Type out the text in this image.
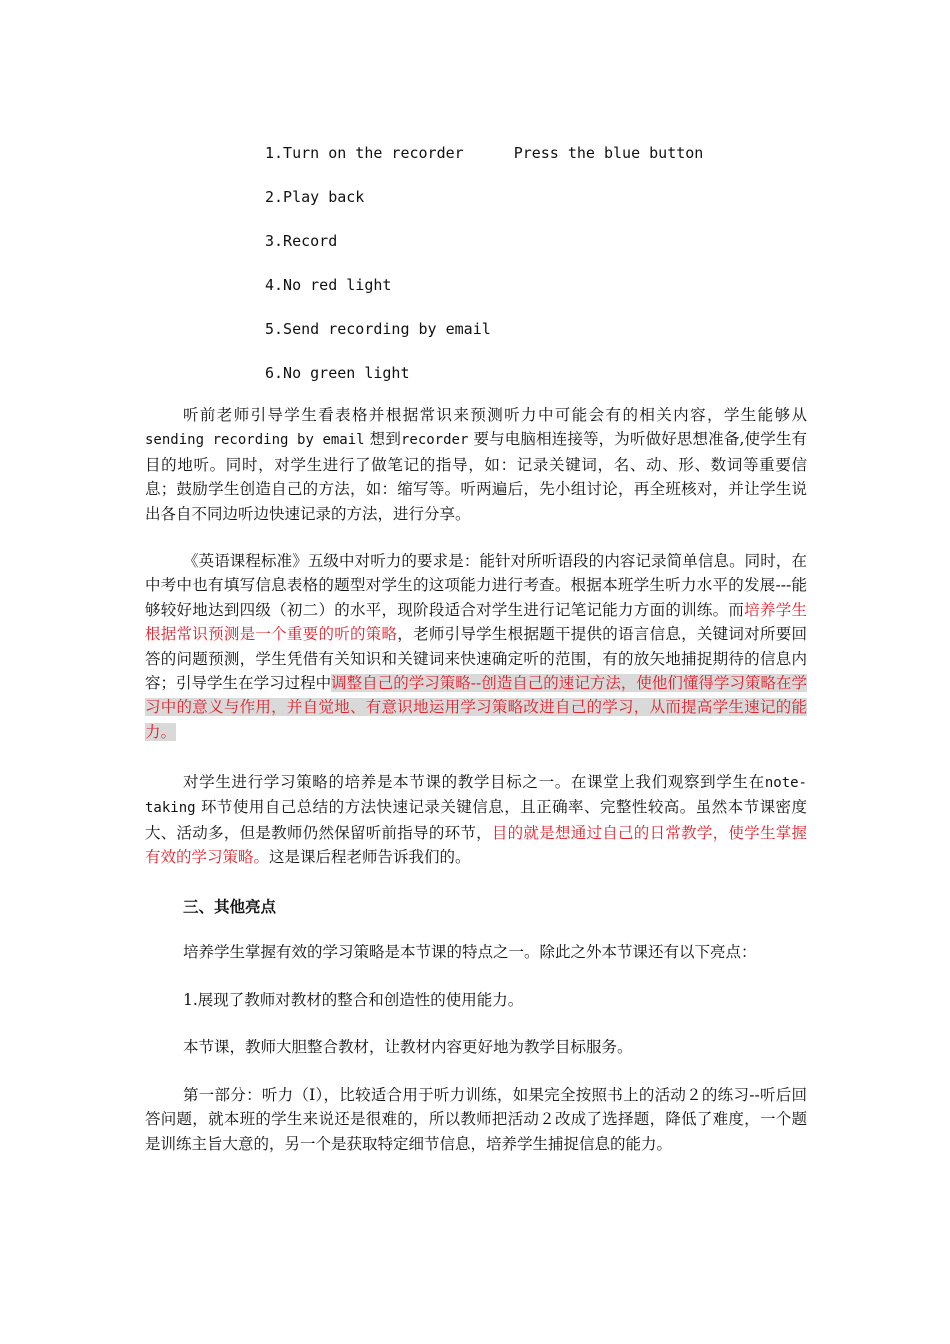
1.Turn on the recorder	Press the blue button
2.Play back
3.Record
4.No red light
5.Send recording by email
6.No green light

听前老师引导学生看表格并根据常识来预测听力中可能会有的相关内容，学生能够从sending recording by email 想到recorder 要与电脑相连接等，为听做好思想准备,使学生有目的地听。同时，对学生进行了做笔记的指导，如：记录关键词，名、动、形、数词等重要信息；鼓励学生创造自己的方法，如：缩写等。听两遍后，先小组讨论，再全班核对，并让学生说出各自不同边听边快速记录的方法，进行分享。

《英语课程标准》五级中对听力的要求是：能针对所听语段的内容记录简单信息。同时，在中考中也有填写信息表格的题型对学生的这项能力进行考查。根据本班学生听力水平的发展---能够较好地达到四级（初二）的水平，现阶段适合对学生进行记笔记能力方面的训练。而培养学生根据常识预测是一个重要的听的策略，老师引导学生根据题干提供的语言信息，关键词对所要回答的问题预测，学生凭借有关知识和关键词来快速确定听的范围，有的放矢地捕捉期待的信息内容；引导学生在学习过程中调整自己的学习策略--创造自己的速记方法，使他们懂得学习策略在学习中的意义与作用，并自觉地、有意识地运用学习策略改进自己的学习，从而提高学生速记的能力。

对学生进行学习策略的培养是本节课的教学目标之一。在课堂上我们观察到学生在note-taking 环节使用自己总结的方法快速记录关键信息，且正确率、完整性较高。虽然本节课密度大、活动多，但是教师仍然保留听前指导的环节，目的就是想通过自己的日常教学，使学生掌握有效的学习策略。这是课后程老师告诉我们的。

三、其他亮点

培养学生掌握有效的学习策略是本节课的特点之一。除此之外本节课还有以下亮点：

1.展现了教师对教材的整合和创造性的使用能力。

本节课，教师大胆整合教材，让教材内容更好地为教学目标服务。

第一部分：听力（I），比较适合用于听力训练，如果完全按照书上的活动２的练习--听后回答问题，就本班的学生来说还是很难的，所以教师把活动２改成了选择题，降低了难度，一个题是训练主旨大意的，另一个是获取特定细节信息，培养学生捕捉信息的能力。
